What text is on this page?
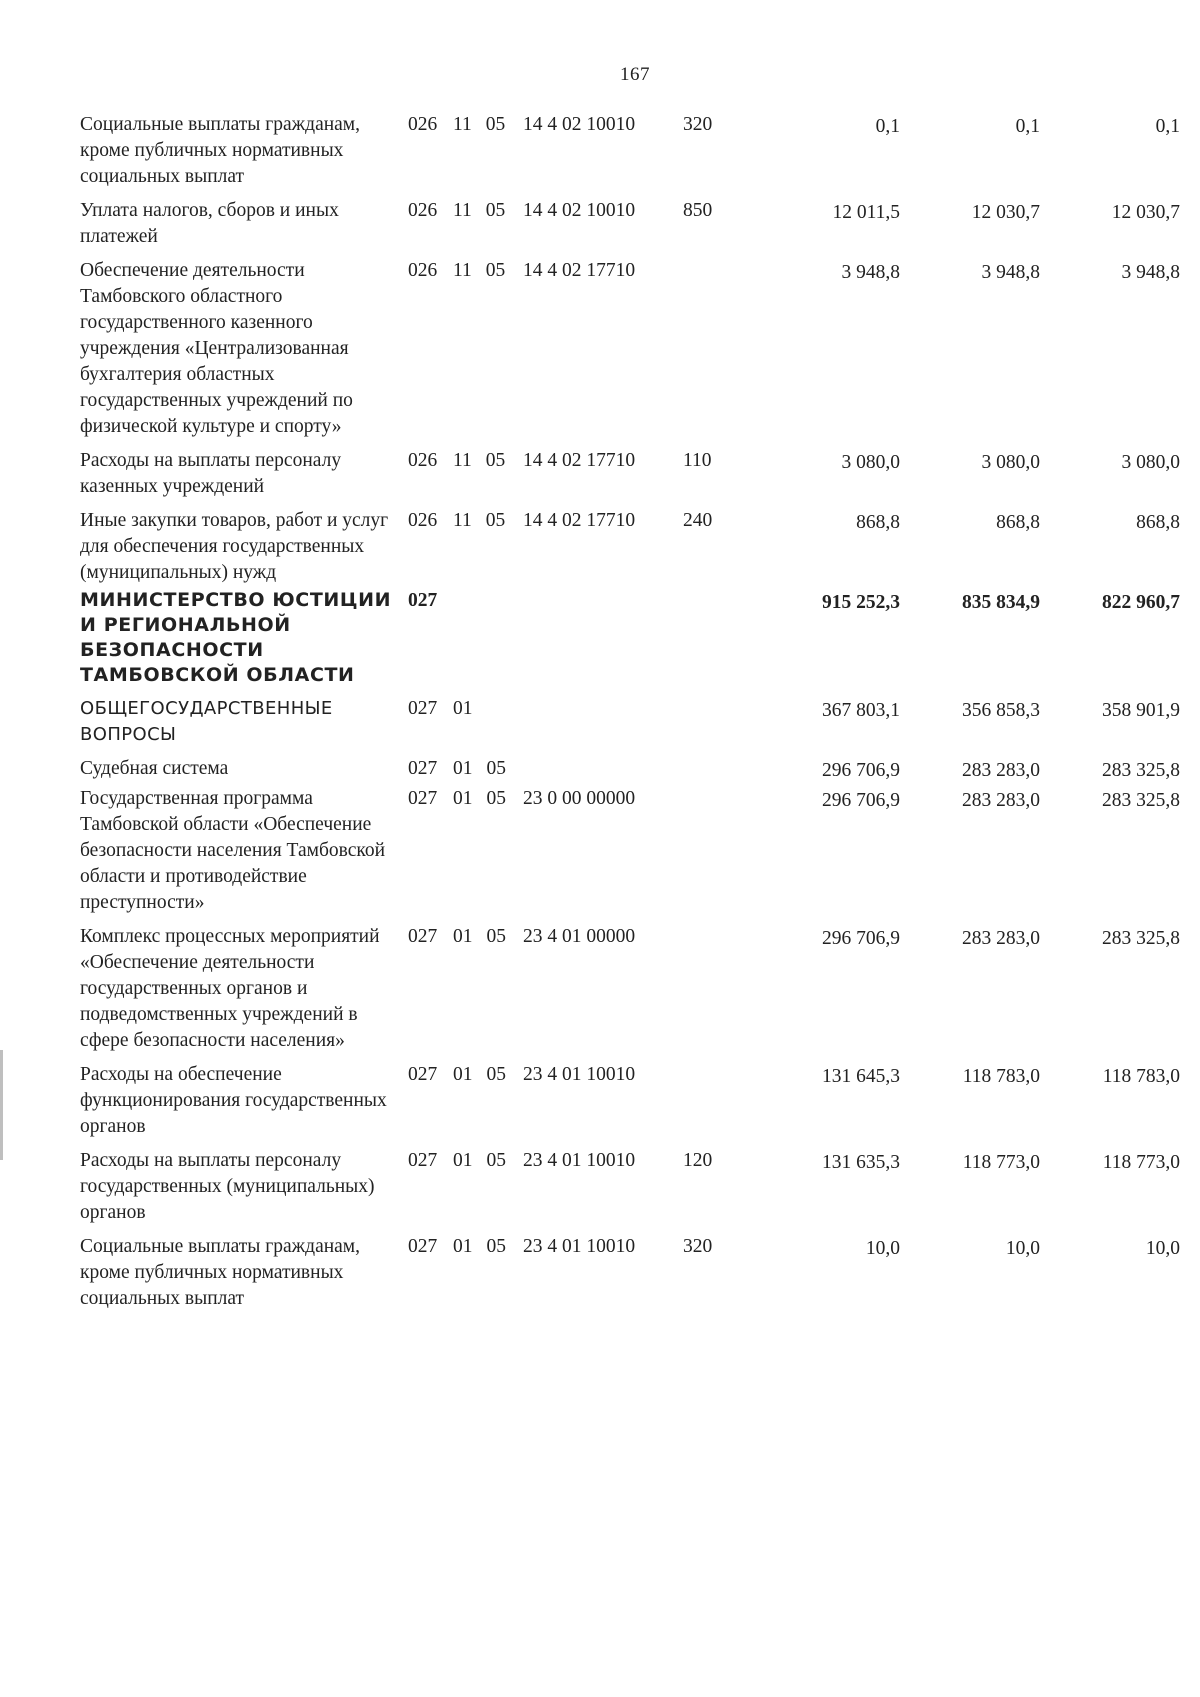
167
Социальные выплаты гражданам, кроме публичных нормативных социальных выплат
026 11 05 14 4 02 10010	320	0,1	0,1	0,1
Уплата налогов, сборов и иных платежей
026 11 05 14 4 02 10010	850	12 011,5	12 030,7	12 030,7
Обеспечение деятельности Тамбовского областного государственного казенного учреждения «Централизованная бухгалтерия областных государственных учреждений по физической культуре и спорту»
026 11 05 14 4 02 17710	3 948,8	3 948,8	3 948,8
Расходы на выплаты персоналу казенных учреждений
026 11 05 14 4 02 17710	110	3 080,0	3 080,0	3 080,0
Иные закупки товаров, работ и услуг для обеспечения государственных (муниципальных) нужд
026 11 05 14 4 02 17710	240	868,8	868,8	868,8
МИНИСТЕРСТВО ЮСТИЦИИ И РЕГИОНАЛЬНОЙ БЕЗОПАСНОСТИ ТАМБОВСКОЙ ОБЛАСТИ
027	915 252,3	835 834,9	822 960,7
ОБЩЕГОСУДАРСТВЕННЫЕ ВОПРОСЫ
027 01	367 803,1	356 858,3	358 901,9
Судебная система	027 01 05	296 706,9	283 283,0	283 325,8
Государственная программа Тамбовской области «Обеспечение безопасности населения Тамбовской области и противодействие преступности»
027 01 05 23 0 00 00000	296 706,9	283 283,0	283 325,8
Комплекс процессных мероприятий «Обеспечение деятельности государственных органов и подведомственных учреждений в сфере безопасности населения»
027 01 05 23 4 01 00000	296 706,9	283 283,0	283 325,8
Расходы на обеспечение функционирования государственных органов
027 01 05 23 4 01 10010	131 645,3	118 783,0	118 783,0
Расходы на выплаты персоналу государственных (муниципальных) органов
027 01 05 23 4 01 10010	120	131 635,3	118 773,0	118 773,0
Социальные выплаты гражданам, кроме публичных нормативных социальных выплат
027 01 05 23 4 01 10010	320	10,0	10,0	10,0
